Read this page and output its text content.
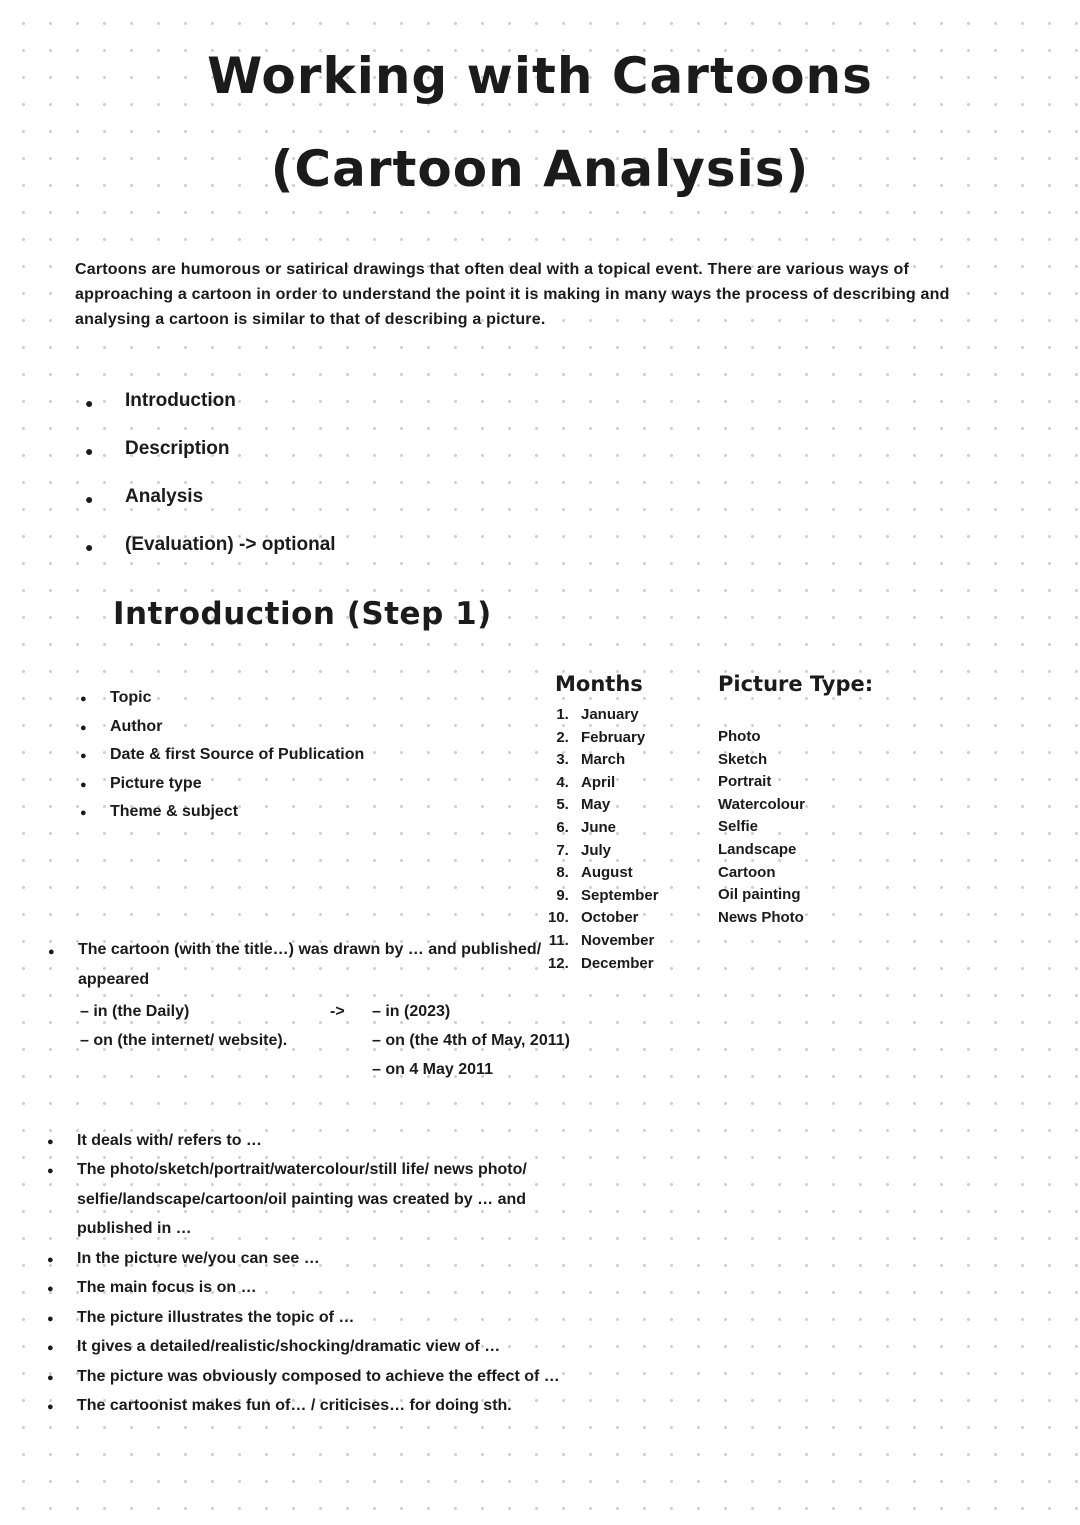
Working with Cartoons
(Cartoon Analysis)

Cartoons are humorous or satirical drawings that often deal with a topical event. There are various ways of approaching a cartoon in order to understand the point it is making in many ways the process of describing and analysing a cartoon is similar to that of describing a picture.

● Introduction
● Description
● Analysis
● (Evaluation) -> optional
Introduction (Step 1)
● Topic
● Author
● Date & first Source of Publication
● Picture type
● Theme & subject
● The cartoon (with the title…) was drawn by … and published/ appeared
– in (the Daily)
– on (the internet/ website).
->	– in (2023)
– on (the 4th of May, 2011)
– on 4 May 2011
Months
1. January
2. February
3. March
4. April
5. May
6. June
7. July
8. August
9. September
10. October
11. November
12. December
Picture Type:
Photo
Sketch
Portrait
Watercolour
Selfie
Landscape
Cartoon
Oil painting
News Photo
● It deals with/ refers to …
● The photo/sketch/portrait/watercolour/still life/ news photo/ selfie/landscape/cartoon/oil painting was created by … and published in …
● In the picture we/you can see …
● The main focus is on …
● The picture illustrates the topic of …
● It gives a detailed/realistic/shocking/dramatic view of …
● The picture was obviously composed to achieve the effect of …
● The cartoonist makes fun of… / criticises… for doing sth.
